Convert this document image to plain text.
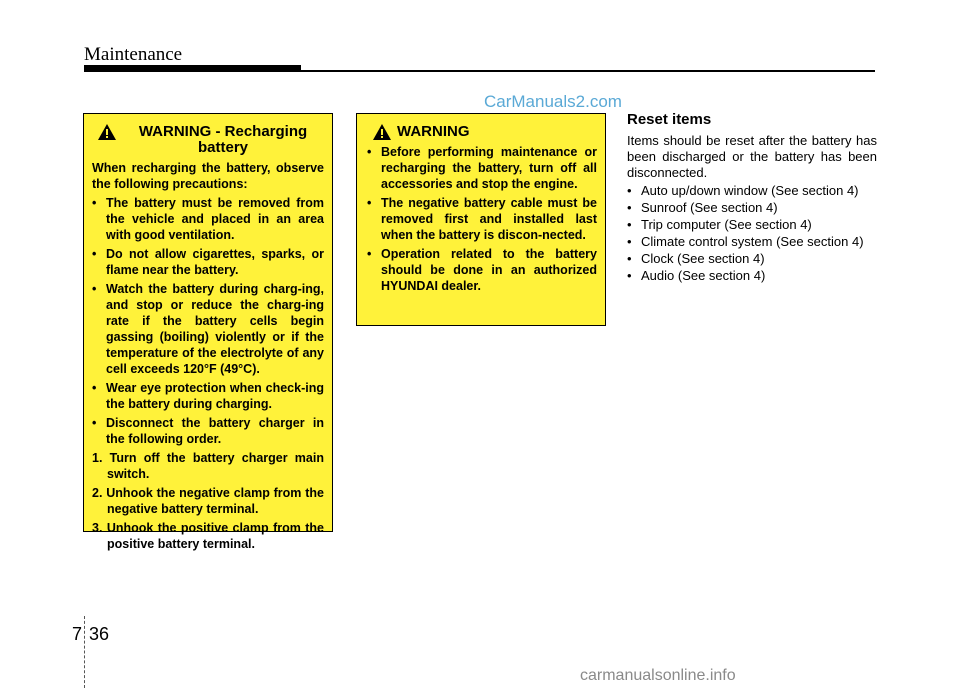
Maintenance
CarManuals2.com
WARNING - Recharging battery
When recharging the battery, observe the following precautions:
• The battery must be removed from the vehicle and placed in an area with good ventilation.
• Do not allow cigarettes, sparks, or flame near the battery.
• Watch the battery during charg-ing, and stop or reduce the charg-ing rate if the battery cells begin gassing (boiling) violently or if the temperature of the electrolyte of any cell exceeds 120°F (49°C).
• Wear eye protection when check-ing the battery during charging.
• Disconnect the battery charger in the following order.
1. Turn off the battery charger main switch.
2. Unhook the negative clamp from the negative battery terminal.
3. Unhook the positive clamp from the positive battery terminal.
WARNING
• Before performing maintenance or recharging the battery, turn off all accessories and stop the engine.
• The negative battery cable must be removed first and installed last when the battery is discon-nected.
• Operation related to the battery should be done in an authorized HYUNDAI dealer.
Reset items
Items should be reset after the battery has been discharged or the battery has been disconnected.
• Auto up/down window (See section 4)
• Sunroof (See section 4)
• Trip computer (See section 4)
• Climate control system (See section 4)
• Clock (See section 4)
• Audio (See section 4)
7 36
carmanualsonline.info
